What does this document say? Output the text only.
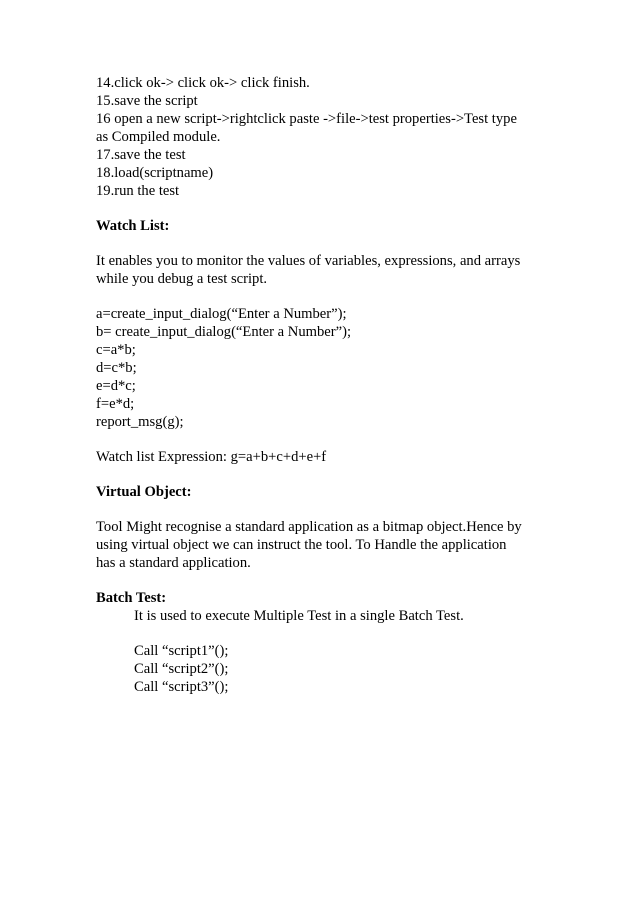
14.click ok-> click ok-> click finish.
15.save the script
16 open a new script->rightclick paste ->file->test properties->Test type
as Compiled module.
17.save the test
18.load(scriptname)
19.run the test
Watch List:
It enables you to monitor the values of variables, expressions, and arrays
while you debug a test script.
a=create_input_dialog(“Enter a Number”);
b= create_input_dialog(“Enter a Number”);
c=a*b;
d=c*b;
e=d*c;
f=e*d;
report_msg(g);
Watch list Expression: g=a+b+c+d+e+f
Virtual Object:
Tool Might recognise a standard application as a bitmap object.Hence by
using virtual object we can instruct the tool. To Handle the application
has a standard application.
Batch Test:
It is used to execute Multiple Test in a single Batch Test.
Call “script1”();
Call “script2”();
Call “script3”();
